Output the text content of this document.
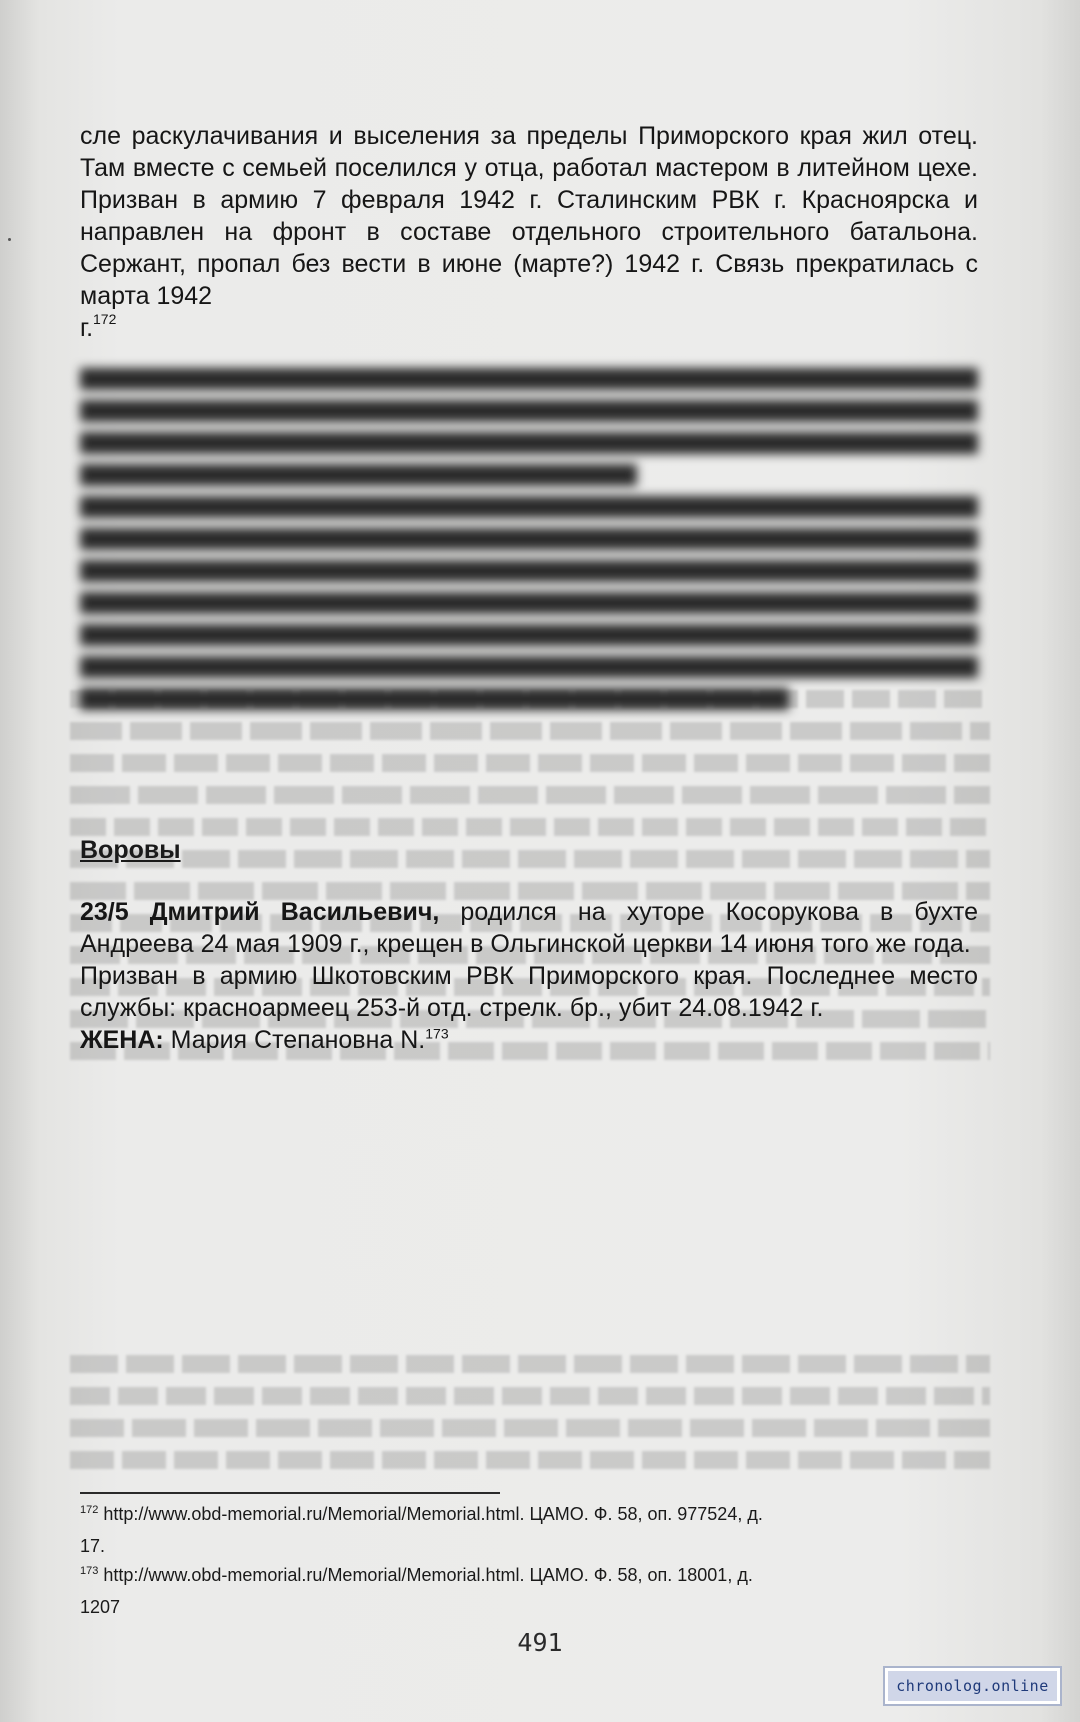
сле раскулачивания и выселения за пределы Приморского края жил отец. Там вместе с семьей поселился у отца, работал мастером в литейном цехе. Призван в армию 7 февраля 1942 г. Сталинским РВК г. Красноярска и направлен на фронт в составе отдельного строительного батальона. Сержант, пропал без вести в июне (марте?) 1942 г. Связь прекратилась с марта 1942
г.$^{172}$

Воровы

23/5 Дмитрий Васильевич, родился на хуторе Косорукова в бухте Андреева 24 мая 1909 г., крещен в Ольгинской церкви 14 июня того же года.

Призван в армию Шкотовским РВК Приморского края. Последнее место службы: красноармеец 253-й отд. стрелк. бр., убит 24.08.1942 г.

ЖЕНА: Мария Степановна N.$^{173}$

$^{172}$ http://www.obd-memorial.ru/Memorial/Memorial.html. ЦАМО. Ф. 58, оп. 977524, д.
17.

$^{173}$ http://www.obd-memorial.ru/Memorial/Memorial.html. ЦАМО. Ф. 58, оп. 18001, д.
1207

491
chronolog.online
